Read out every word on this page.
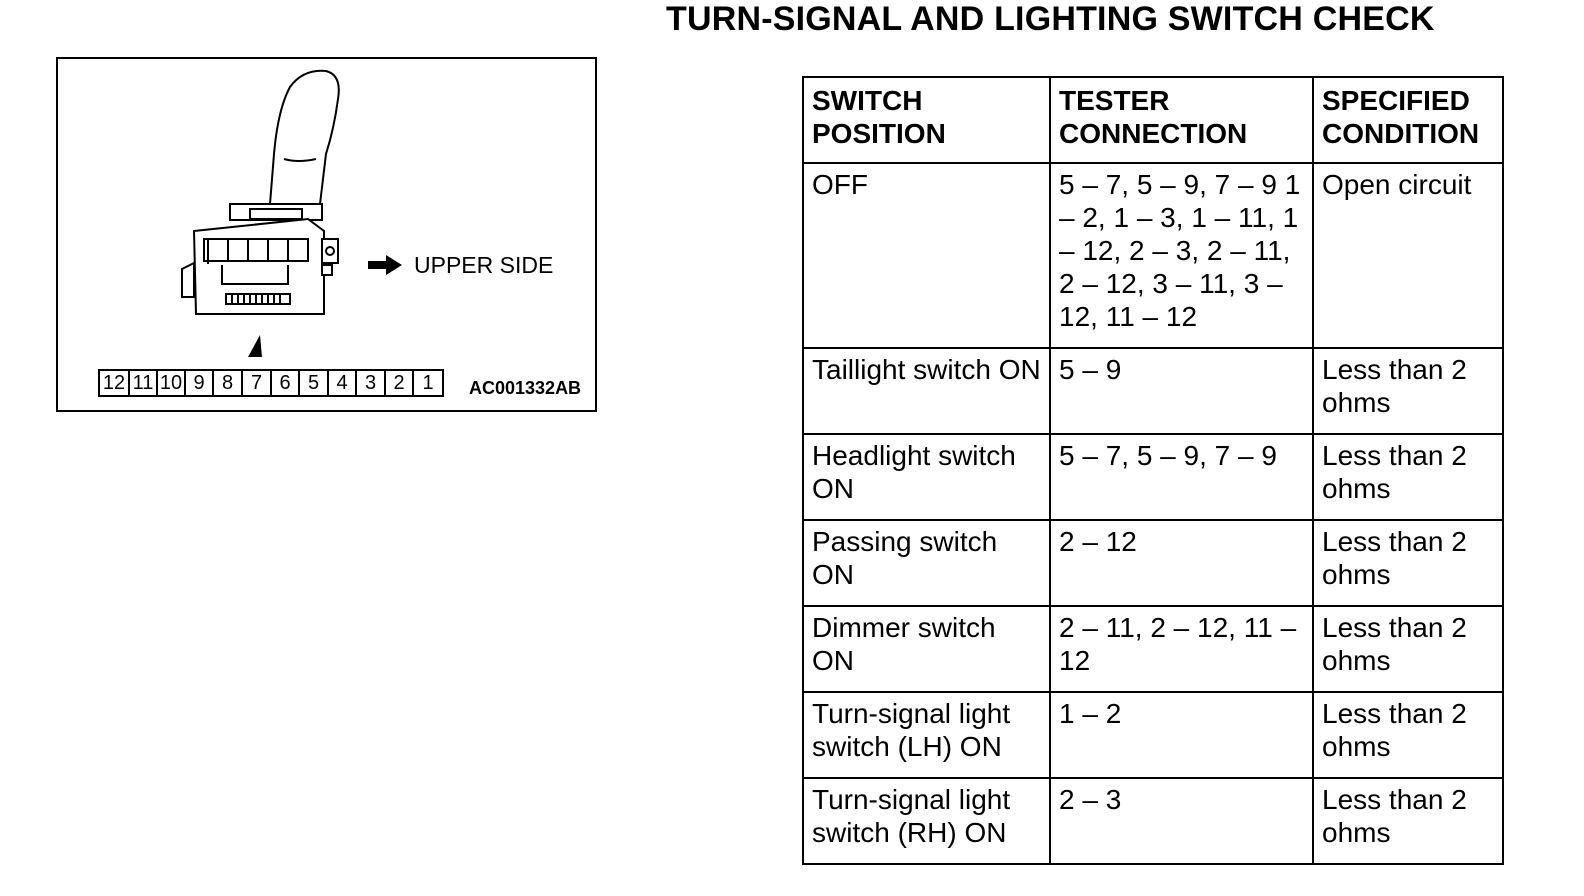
TURN-SIGNAL AND LIGHTING SWITCH CHECK
UPPER SIDE
12 11 10 9 8 7 6 5 4 3 2 1	AC001332AB
SWITCH POSITION	TESTER CONNECTION	SPECIFIED CONDITION
OFF	5 – 7, 5 – 9, 7 – 9 1 – 2, 1 – 3, 1 – 11, 1 – 12, 2 – 3, 2 – 11, 2 – 12, 3 – 11, 3 – 12, 11 – 12	Open circuit
Taillight switch ON	5 – 9	Less than 2 ohms
Headlight switch ON	5 – 7, 5 – 9, 7 – 9	Less than 2 ohms
Passing switch ON	2 – 12	Less than 2 ohms
Dimmer switch ON	2 – 11, 2 – 12, 11 – 12	Less than 2 ohms
Turn-signal light switch (LH) ON	1 – 2	Less than 2 ohms
Turn-signal light switch (RH) ON	2 – 3	Less than 2 ohms
